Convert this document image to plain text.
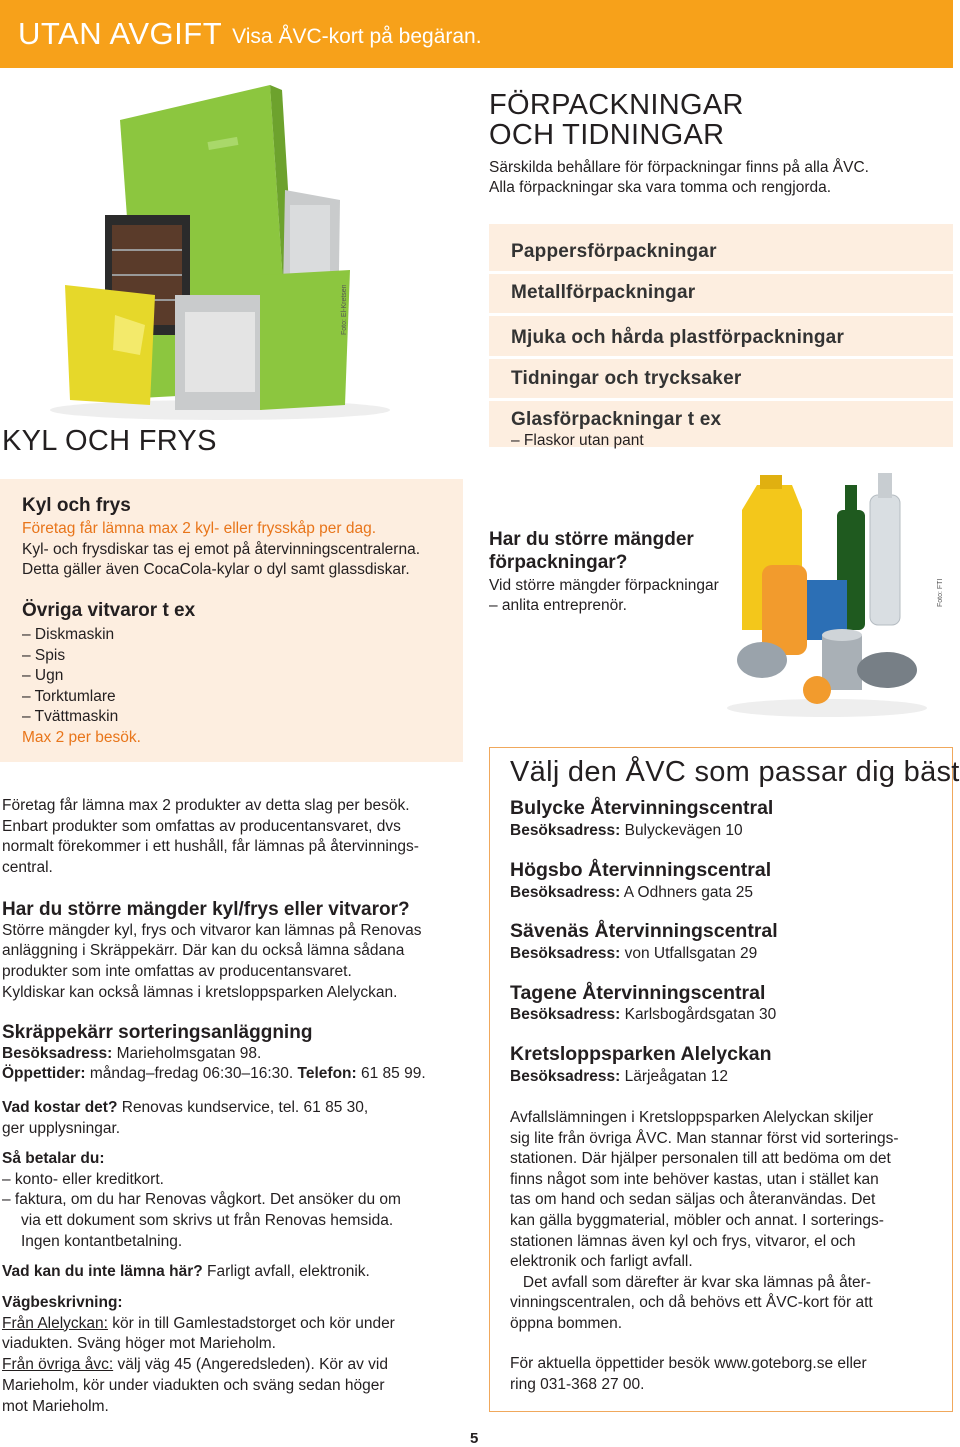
UTAN AVGIFT Visa ÅVC-kort på begäran.
Foto: El-Kretsen
FÖRPACKNINGAR
OCH TIDNINGAR
Särskilda behållare för förpackningar finns på alla ÅVC.
Alla förpackningar ska vara tomma och rengjorda.
Pappersförpackningar
Metallförpackningar
Mjuka och hårda plastförpackningar
Tidningar och trycksaker
Glasförpackningar t ex
– Flaskor utan pant
KYL OCH FRYS
Kyl och frys
Företag får lämna max 2 kyl- eller frysskåp per dag.
Kyl- och frysdiskar tas ej emot på återvinningscentralerna.
Detta gäller även CocaCola-kylar o dyl samt glassdiskar.
Övriga vitvaror t ex
– Diskmaskin
– Spis
– Ugn
– Torktumlare
– Tvättmaskin
Max 2 per besök.
Företag får lämna max 2 produkter av detta slag per besök.
Enbart produkter som omfattas av producentansvaret, dvs
normalt förekommer i ett hushåll, får lämnas på återvinnings-
central.
Har du större mängder kyl/frys eller vitvaror?
Större mängder kyl, frys och vitvaror kan lämnas på Renovas
anläggning i Skräppekärr. Där kan du också lämna sådana
produkter som inte omfattas av producentansvaret.
Kyldiskar kan också lämnas i kretsloppsparken Alelyckan.
Skräppekärr sorteringsanläggning
Besöksadress: Marieholmsgatan 98.
Öppettider: måndag–fredag 06:30–16:30. Telefon: 61 85 99.
Vad kostar det? Renovas kundservice, tel. 61 85 30,
ger upplysningar.
Så betalar du:
– konto- eller kreditkort.
– faktura, om du har Renovas vågkort. Det ansöker du om
via ett dokument som skrivs ut från Renovas hemsida.
Ingen kontantbetalning.
Vad kan du inte lämna här? Farligt avfall, elektronik.
Vägbeskrivning:
Från Alelyckan: kör in till Gamlestadstorget och kör under
viadukten. Sväng höger mot Marieholm.
Från övriga åvc: välj väg 45 (Angeredsleden). Kör av vid
Marieholm, kör under viadukten och sväng sedan höger
mot Marieholm.
Har du större mängder
förpackningar?
Vid större mängder förpackningar
– anlita entreprenör.	Foto: FTI
Välj den ÅVC som passar dig bäst
Bulycke Återvinningscentral
Besöksadress: Bulyckevägen 10
Högsbo Återvinningscentral
Besöksadress: A Odhners gata 25
Sävenäs Återvinningscentral
Besöksadress: von Utfallsgatan 29
Tagene Återvinningscentral
Besöksadress: Karlsbogårdsgatan 30
Kretsloppsparken Alelyckan
Besöksadress: Lärjeågatan 12
Avfallslämningen i Kretsloppsparken Alelyckan skiljer
sig lite från övriga ÅVC. Man stannar först vid sorterings-
stationen. Där hjälper personalen till att bedöma om det
finns något som inte behöver kastas, utan i stället kan
tas om hand och sedan säljas och återanvändas. Det
kan gälla byggmaterial, möbler och annat. I sorterings-
stationen lämnas även kyl och frys, vitvaror, el och
elektronik och farligt avfall.
Det avfall som därefter är kvar ska lämnas på åter-
vinningscentralen, och då behövs ett ÅVC-kort för att
öppna bommen.
För aktuella öppettider besök www.goteborg.se eller
ring 031-368 27 00.
5
